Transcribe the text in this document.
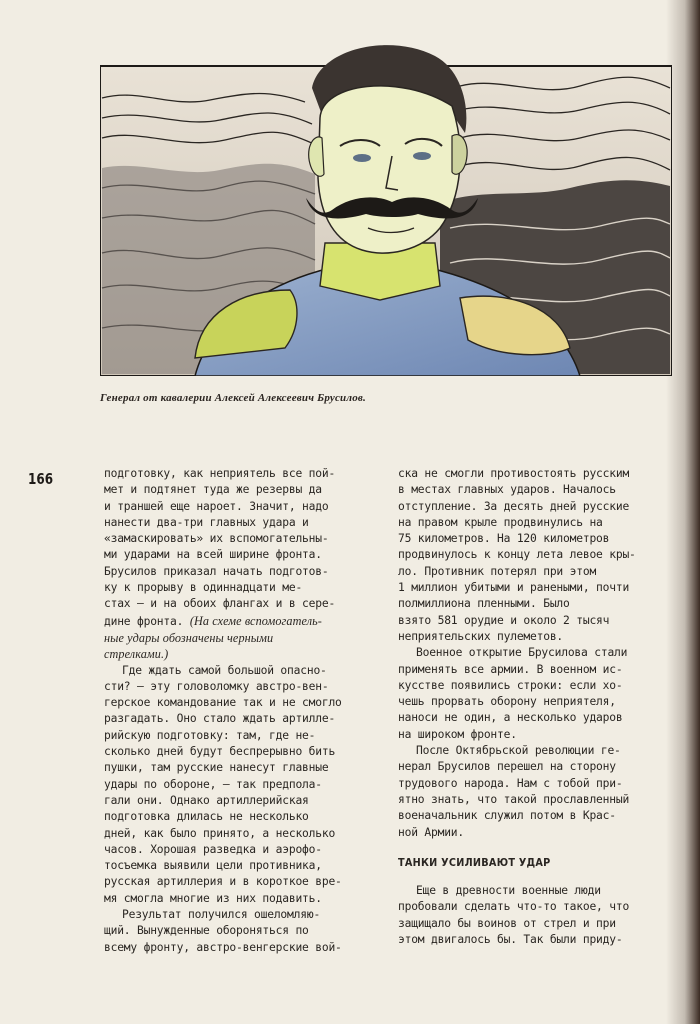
Генерал от кавалерии Алексей Алексеевич Брусилов.
166	подготовку, как неприятель все пой-
мет и подтянет туда же резервы да
и траншей еще нароет. Значит, надо
нанести два-три главных удара и
«замаскировать» их вспомогательны-
ми ударами на всей ширине фронта.
Брусилов приказал начать подготов-
ку к прорыву в одиннадцати ме-
стах — и на обоих флангах и в сере-
дине фронта. (На схеме вспомогатель-
ные удары обозначены черными
стрелками.)

Где ждать самой большой опасно-
сти? — эту головоломку австро-вен-
герское командование так и не смогло
разгадать. Оно стало ждать артилле-
рийскую подготовку: там, где не-
сколько дней будут беспрерывно бить
пушки, там русские нанесут главные
удары по обороне, — так предпола-
гали они. Однако артиллерийская
подготовка длилась не несколько
дней, как было принято, а несколько
часов. Хорошая разведка и аэрофо-
тосъемка выявили цели противника,
русская артиллерия и в короткое вре-
мя смогла многие из них подавить.

Результат получился ошеломляю-
щий. Вынужденные обороняться по
всему фронту, австро-венгерские вой-

ска не смогли противостоять русским
в местах главных ударов. Началось
отступление. За десять дней русские
на правом крыле продвинулись на
75 километров. На 120 километров
продвинулось к концу лета левое кры-
ло. Противник потерял при этом
1 миллион убитыми и ранеными, почти
полмиллиона пленными. Было
взято 581 орудие и около 2 тысяч
неприятельских пулеметов.

Военное открытие Брусилова стали
применять все армии. В военном ис-
кусстве появились строки: если хо-
чешь прорвать оборону неприятеля,
наноси не один, а несколько ударов
на широком фронте.

После Октябрьской революции ге-
нерал Брусилов перешел на сторону
трудового народа. Нам с тобой при-
ятно знать, что такой прославленный
военачальник служил потом в Крас-
ной Армии.

ТАНКИ УСИЛИВАЮТ УДАР

Еще в древности военные люди
пробовали сделать что-то такое, что
защищало бы воинов от стрел и при
этом двигалось бы. Так были приду-
